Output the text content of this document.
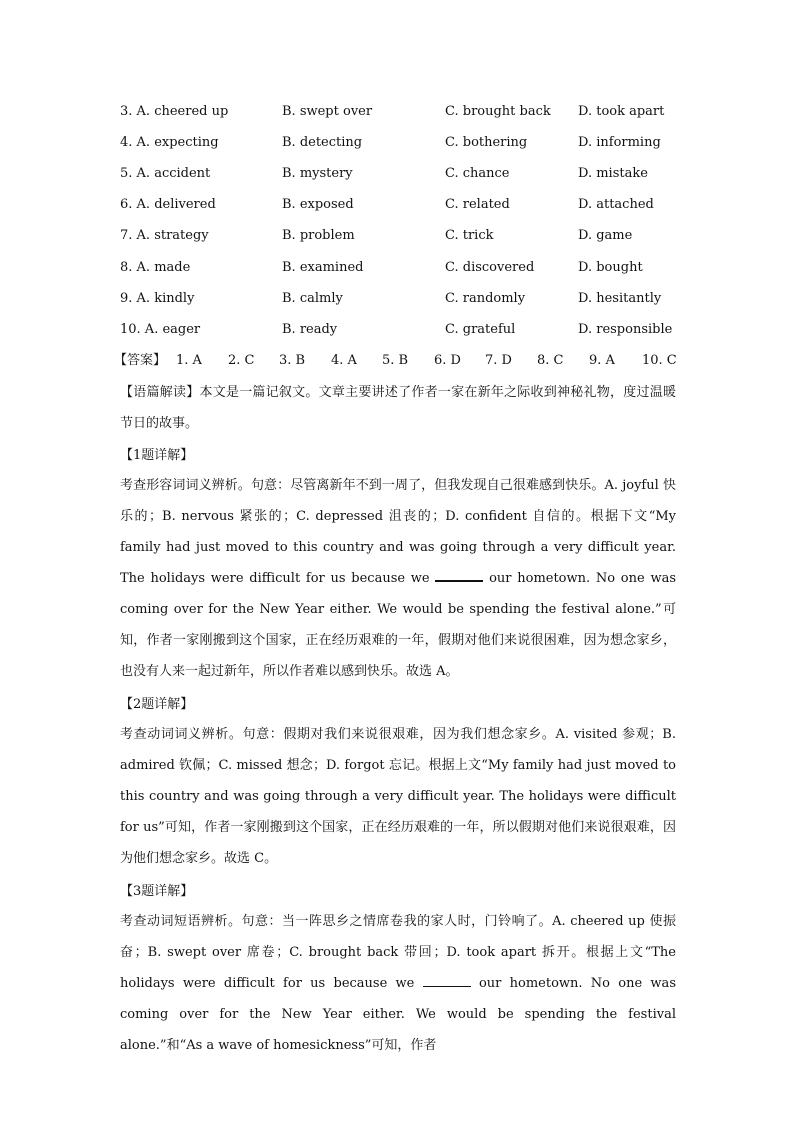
3. A. cheered up	B. swept over	C. brought back D. took apart
4. A. expecting	B. detecting	C. bothering	D. informing
5. A. accident	B. mystery	C. chance	D. mistake
6. A. delivered	B. exposed	C. related	D. attached
7. A. strategy	B. problem	C. trick	D. game
8. A. made	B. examined	C. discovered	D. bought
9. A. kindly	B. calmly	C. randomly	D. hesitantly
10. A. eager	B. ready	C. grateful	D. responsible
【答案】 1. A 2. C 3. B 4. A 5. B 6. D 7. D 8. C 9. A 10. C
【语篇解读】本文是一篇记叙文。文章主要讲述了作者一家在新年之际收到神秘礼物，度过温暖节日的故事。
【1题详解】
考查形容词词义辨析。句意：尽管离新年不到一周了，但我发现自己很难感到快乐。A. joyful 快乐的；B. nervous 紧张的；C. depressed 沮丧的；D. confident 自信的。根据下文“My family had just moved to this country and was going through a very difficult year. The holidays were difficult for us because we	our hometown. No one was coming over for the New Year either. We would be spending the festival alone.”可知，作者一家刚搬到这个国家，正在经历艰难的一年，假期对他们来说很困难，因为想念家乡，也没有人来一起过新年，所以作者难以感到快乐。故选 A。
【2题详解】
考查动词词义辨析。句意：假期对我们来说很艰难，因为我们想念家乡。A. visited 参观；B. admired 钦佩；C. missed 想念；D. forgot 忘记。根据上文“My family had just moved to this country and was going through a very difficult year. The holidays were difficult for us”可知，作者一家刚搬到这个国家，正在经历艰难的一年，所以假期对他们来说很艰难，因为他们想念家乡。故选 C。
【3题详解】
考查动词短语辨析。句意：当一阵思乡之情席卷我的家人时，门铃响了。A. cheered up 使振奋；B. swept over 席卷；C. brought back 带回；D. took apart 拆开。根据上文“The holidays were difficult for us because we	our hometown. No one was coming over for the New Year either. We would be spending the festival alone.”和“As a wave of homesickness”可知，作者
